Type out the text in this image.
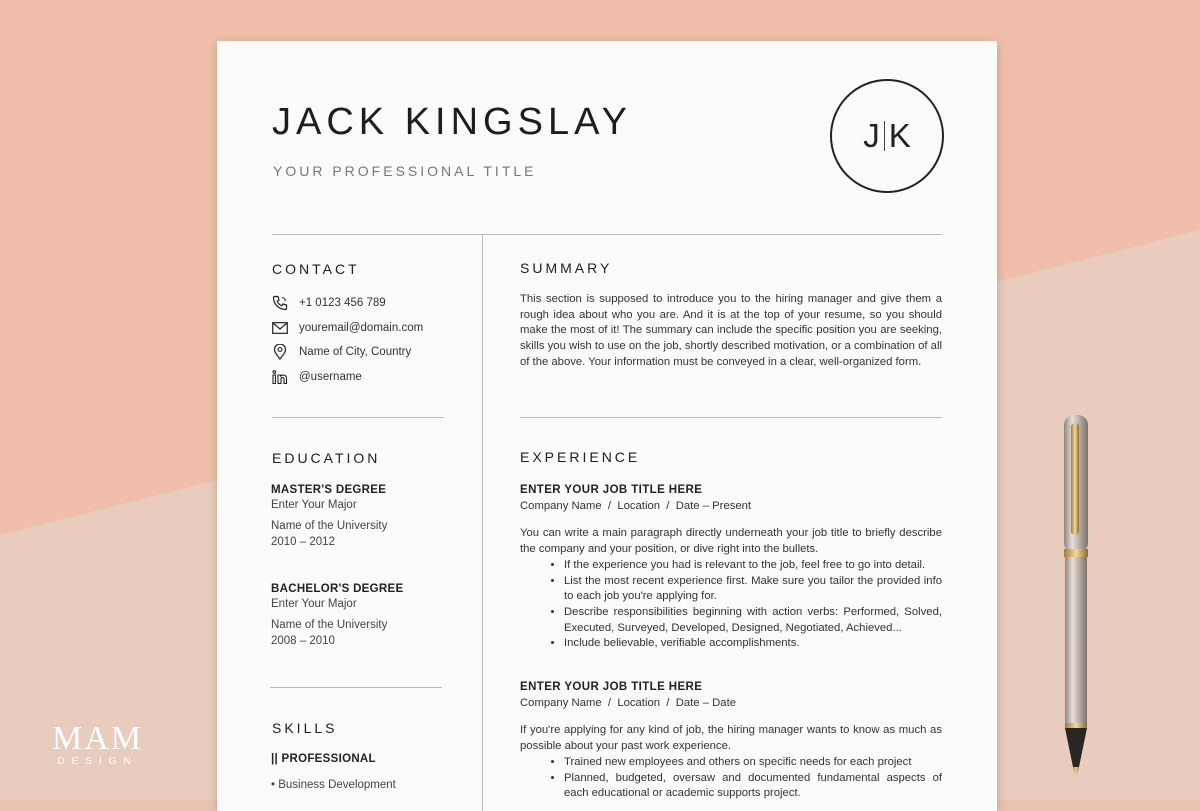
JACK KINGSLAY
YOUR PROFESSIONAL TITLE
J K
CONTACT
+1 0123 456 789
youremail@domain.com
Name of City, Country
@username
EDUCATION
MASTER'S DEGREE
Enter Your Major
Name of the University
2010 – 2012
BACHELOR'S DEGREE
Enter Your Major
Name of the University
2008 – 2010
SKILLS
|| PROFESSIONAL
• Business Development
SUMMARY
This section is supposed to introduce you to the hiring manager and give them a rough idea about who you are. And it is at the top of your resume, so you should make the most of it! The summary can include the specific position you are seeking, skills you wish to use on the job, shortly described motivation, or a combination of all of the above. Your information must be conveyed in a clear, well-organized form.
EXPERIENCE
ENTER YOUR JOB TITLE HERE
Company Name  /  Location  /  Date – Present
You can write a main paragraph directly underneath your job title to briefly describe the company and your position, or dive right into the bullets.
• If the experience you had is relevant to the job, feel free to go into detail.
• List the most recent experience first. Make sure you tailor the provided info to each job you're applying for.
• Describe responsibilities beginning with action verbs: Performed, Solved, Executed, Surveyed, Developed, Designed, Negotiated, Achieved...
• Include believable, verifiable accomplishments.
ENTER YOUR JOB TITLE HERE
Company Name  /  Location  /  Date – Date
If you're applying for any kind of job, the hiring manager wants to know as much as possible about your past work experience.
• Trained new employees and others on specific needs for each project
• Planned, budgeted, oversaw and documented fundamental aspects of each educational or academic supports project.
MAM
DESIGN
